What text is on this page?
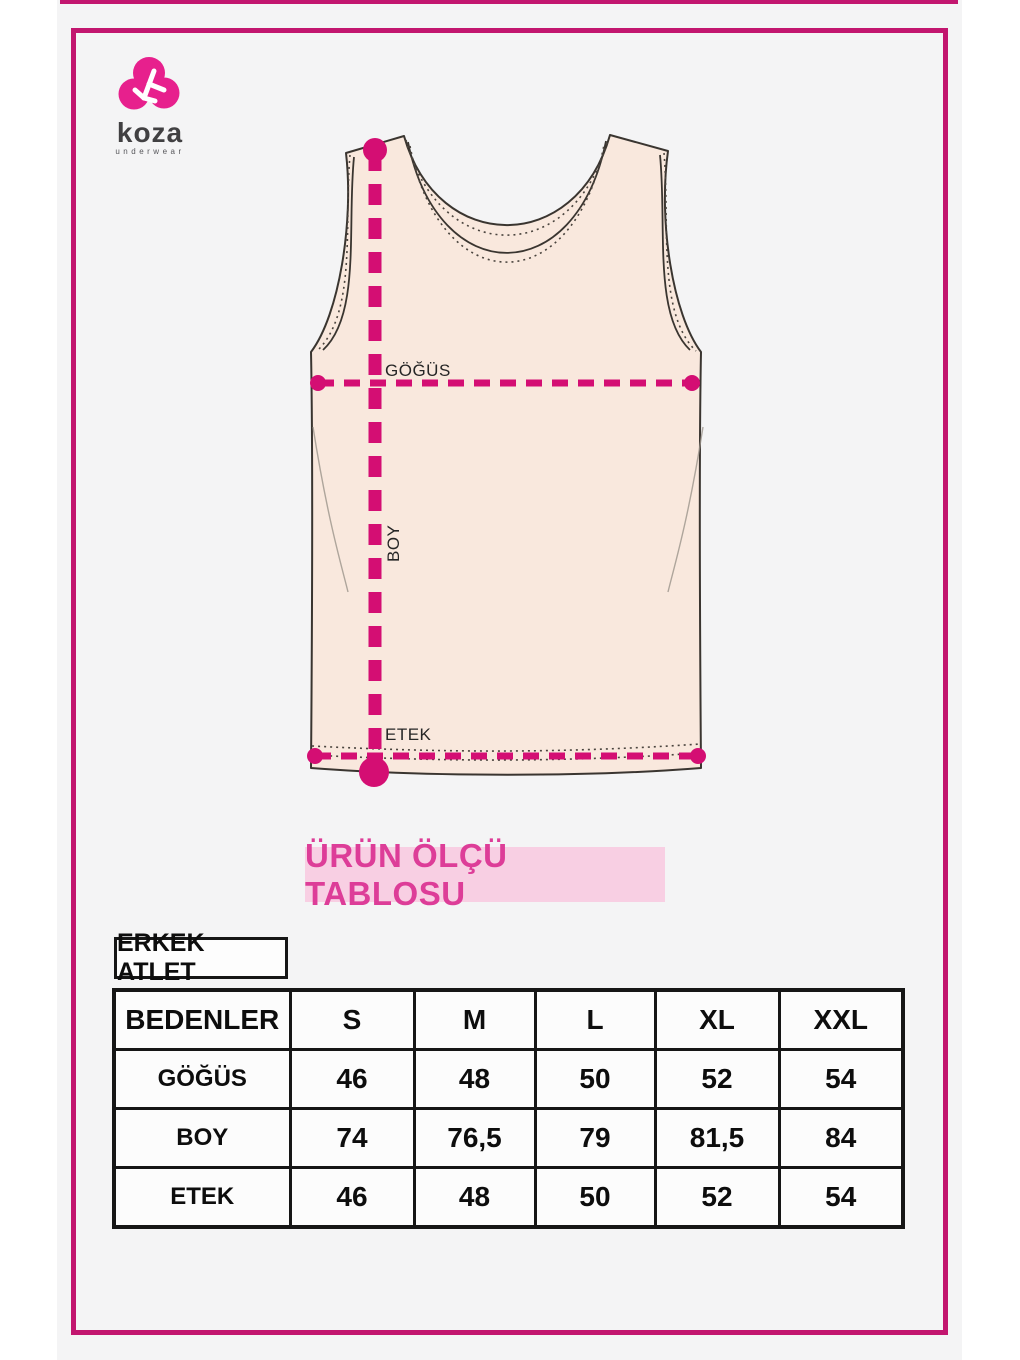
koza
underwear
GÖĞÜS
BOY
ETEK
ÜRÜN ÖLÇÜ TABLOSU
ERKEK ATLET
BEDENLER	S	M	L	XL	XXL
GÖĞÜS	46	48	50	52	54
BOY	74	76,5	79	81,5	84
ETEK	46	48	50	52	54
